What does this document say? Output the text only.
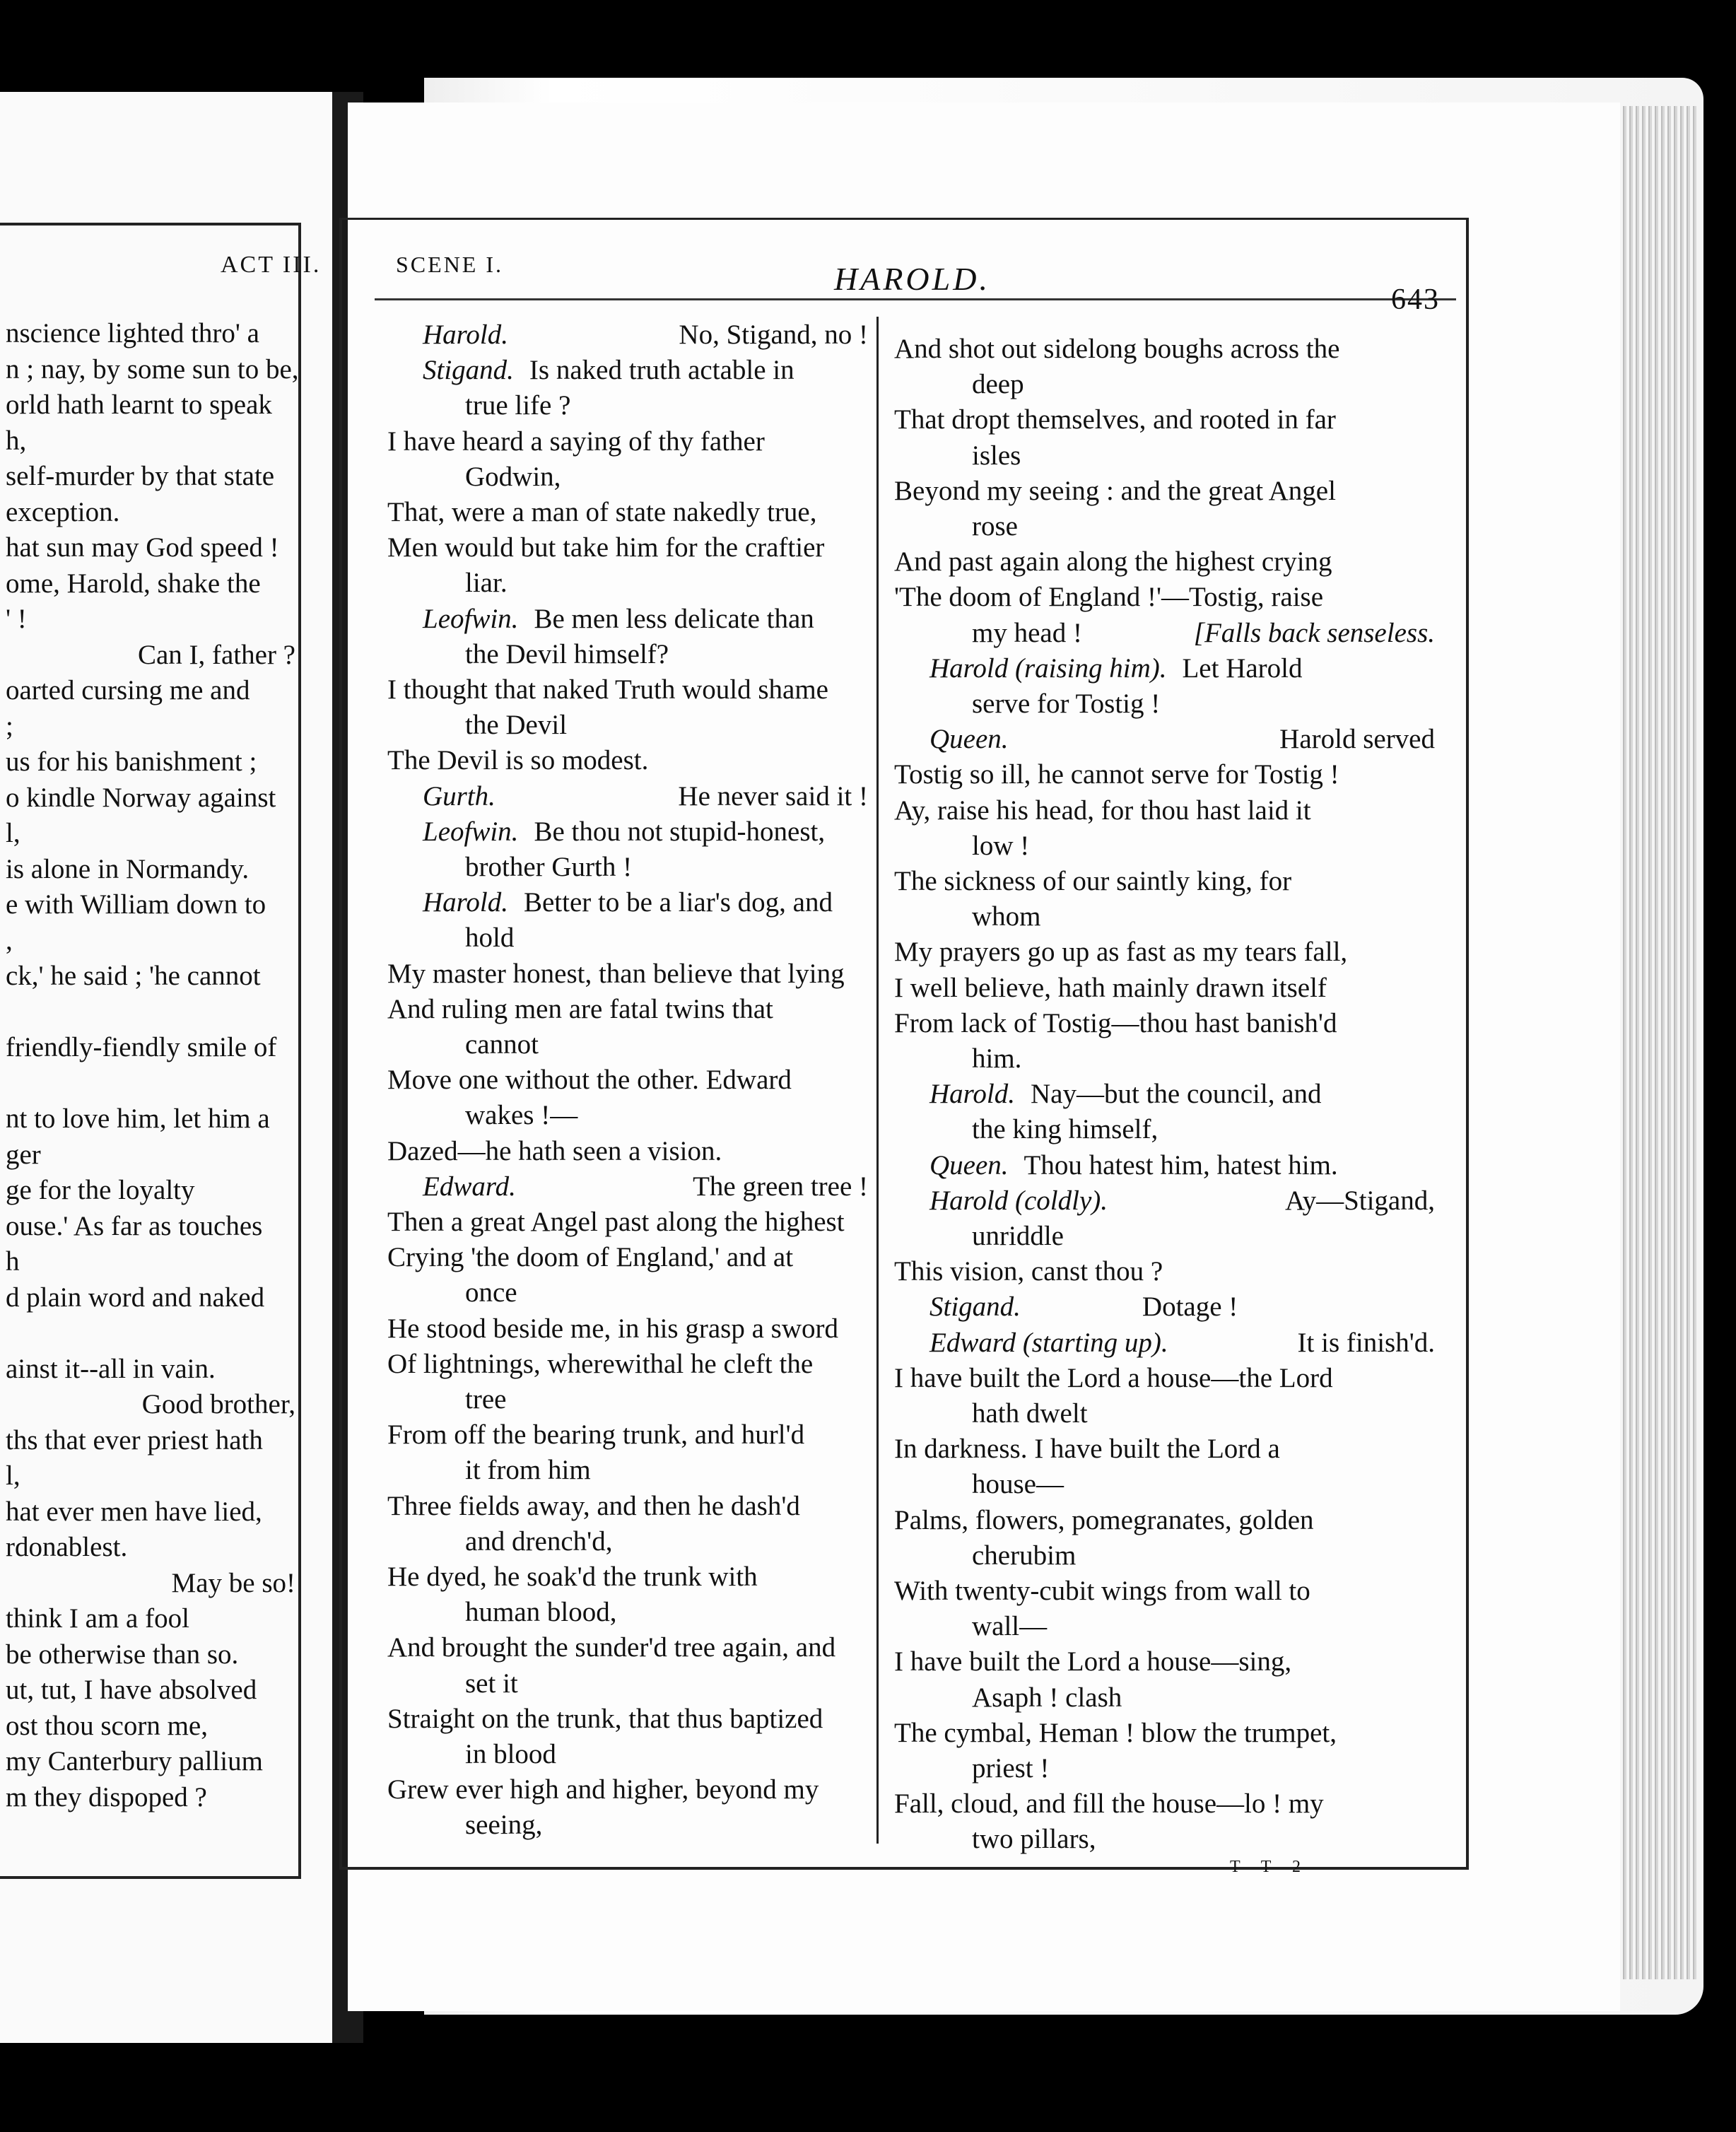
ACT III.
nscience lighted thro' a
n ; nay, by some sun to be,
orld hath learnt to speak
h,
self-murder by that state
exception.
hat sun may God speed !
ome, Harold, shake the
' !
Can I, father ?
oarted cursing me and
;
us for his banishment ;
o kindle Norway against
l,
is alone in Normandy.
e with William down to
,
ck,' he said ; 'he cannot
friendly-fiendly smile of
nt to love him, let him a
ger
ge for the loyalty
ouse.' As far as touches
h
d plain word and naked
ainst it--all in vain.
Good brother,
ths that ever priest hath
l,
hat ever men have lied,
rdonablest.
May be so!
think I am a fool
be otherwise than so.
ut, tut, I have absolved
ost thou scorn me,
my Canterbury pallium
m they dispoped ?
SCENE I.	HAROLD.
643
T T 2
Harold.	No, Stigand, no !
Stigand. Is naked truth actable in
true life ?
I have heard a saying of thy father
Godwin,
That, were a man of state nakedly true,
Men would but take him for the craftier
liar.
Leofwin. Be men less delicate than
the Devil himself?
I thought that naked Truth would shame
the Devil
The Devil is so modest.
Gurth.	He never said it !
Leofwin. Be thou not stupid-honest,
brother Gurth !
Harold. Better to be a liar's dog, and
hold
My master honest, than believe that lying
And ruling men are fatal twins that
cannot
Move one without the other. Edward
wakes !—
Dazed—he hath seen a vision.
Edward.	The green tree !
Then a great Angel past along the highest
Crying 'the doom of England,' and at
once
He stood beside me, in his grasp a sword
Of lightnings, wherewithal he cleft the
tree
From off the bearing trunk, and hurl'd
it from him
Three fields away, and then he dash'd
and drench'd,
He dyed, he soak'd the trunk with
human blood,
And brought the sunder'd tree again, and
set it
Straight on the trunk, that thus baptized
in blood
Grew ever high and higher, beyond my
seeing,
And shot out sidelong boughs across the
deep
That dropt themselves, and rooted in far
isles
Beyond my seeing : and the great Angel
rose
And past again along the highest crying
'The doom of England !'—Tostig, raise
my head !	[Falls back senseless.
Harold (raising him). Let Harold
serve for Tostig !
Queen.	Harold served
Tostig so ill, he cannot serve for Tostig !
Ay, raise his head, for thou hast laid it
low !
The sickness of our saintly king, for
whom
My prayers go up as fast as my tears fall,
I well believe, hath mainly drawn itself
From lack of Tostig—thou hast banish'd
him.
Harold. Nay—but the council, and
the king himself,
Queen. Thou hatest him, hatest him.
Harold (coldly).	Ay—Stigand,
unriddle
This vision, canst thou ?
Stigand.	Dotage !
Edward (starting up).	It is finish'd.
I have built the Lord a house—the Lord
hath dwelt
In darkness. I have built the Lord a
house—
Palms, flowers, pomegranates, golden
cherubim
With twenty-cubit wings from wall to
wall—
I have built the Lord a house—sing,
Asaph ! clash
The cymbal, Heman ! blow the trumpet,
priest !
Fall, cloud, and fill the house—lo ! my
two pillars,
